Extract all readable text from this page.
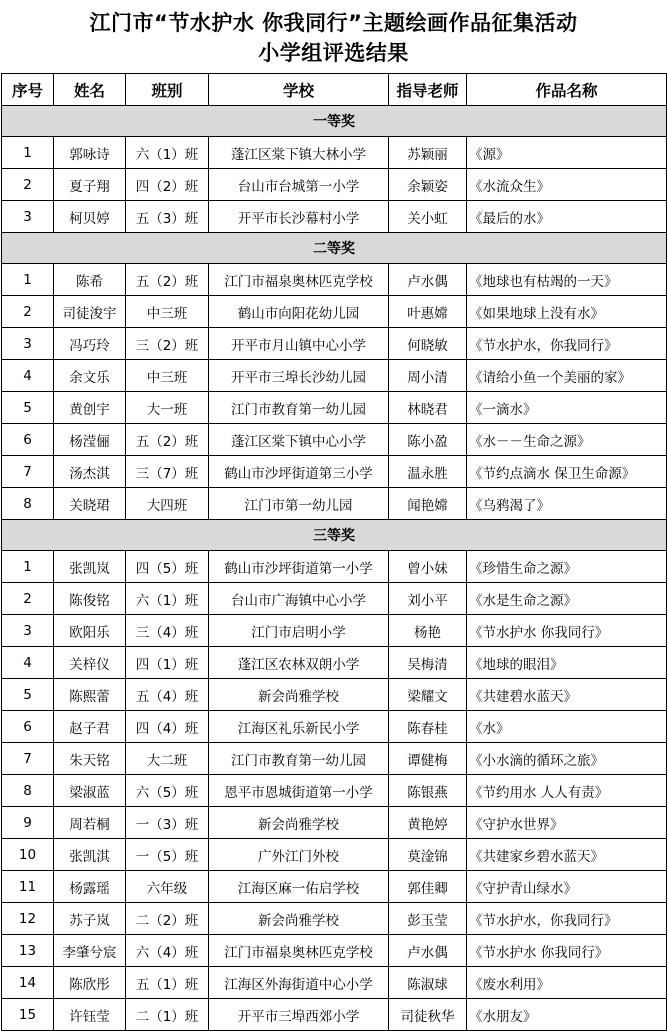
江门市“节水护水 你我同行”主题绘画作品征集活动
小学组评选结果
序号	姓名	班别	学校	指导老师	作品名称
一等奖					
1	郭咏诗	六（1）班	蓬江区棠下镇大林小学	苏颖丽	《源》
2	夏子翔	四（2）班	台山市台城第一小学	余颖姿	《水流众生》
3	柯贝婷	五（3）班	开平市长沙幕村小学	关小虹	《最后的水》
二等奖					
1	陈希	五（2）班	江门市福泉奥林匹克学校	卢水偶	《地球也有枯竭的一天》
2	司徒浚宇	中三班	鹤山市向阳花幼儿园	叶惠嫦	《如果地球上没有水》
3	冯巧玲	三（2）班	开平市月山镇中心小学	何晓敏	《节水护水，你我同行》
4	余文乐	中三班	开平市三埠长沙幼儿园	周小清	《请给小鱼一个美丽的家》
5	黄创宇	大一班	江门市教育第一幼儿园	林晓君	《一滴水》
6	杨滢俪	五（2）班	蓬江区棠下镇中心小学	陈小盈	《水－－生命之源》
7	汤杰淇	三（7）班	鹤山市沙坪街道第三小学	温永胜	《节约点滴水 保卫生命源》
8	关晓珺	大四班	江门市第一幼儿园	闻艳嫦	《乌鸦渴了》
三等奖					
1	张凯岚	四（5）班	鹤山市沙坪街道第一小学	曾小妹	《珍惜生命之源》
2	陈俊铭	六（1）班	台山市广海镇中心小学	刘小平	《水是生命之源》
3	欧阳乐	三（4）班	江门市启明小学	杨艳	《节水护水 你我同行》
4	关梓仪	四（1）班	蓬江区农林双朗小学	吴梅清	《地球的眼泪》
5	陈熙蕾	五（4）班	新会尚雅学校	梁耀文	《共建碧水蓝天》
6	赵子君	四（4）班	江海区礼乐新民小学	陈春桂	《水》
7	朱天铭	大二班	江门市教育第一幼儿园	谭健梅	《小水滴的循环之旅》
8	梁淑蓝	六（5）班	恩平市恩城街道第一小学	陈银燕	《节约用水 人人有责》
9	周若桐	一（3）班	新会尚雅学校	黄艳婷	《守护水世界》
10	张凯淇	一（5）班	广外江门外校	莫淦锦	《共建家乡碧水蓝天》
11	杨露瑶	六年级	江海区麻一佑启学校	郭佳卿	《守护青山绿水》
12	苏子岚	二（2）班	新会尚雅学校	彭玉莹	《节水护水，你我同行》
13	李肇兮宸	六（4）班	江门市福泉奥林匹克学校	卢水偶	《节水护水 你我同行》
14	陈欣彤	五（1）班	江海区外海街道中心小学	陈淑球	《废水利用》
15	许钰莹	二（1）班	开平市三埠西郊小学	司徒秋华	《水朋友》
